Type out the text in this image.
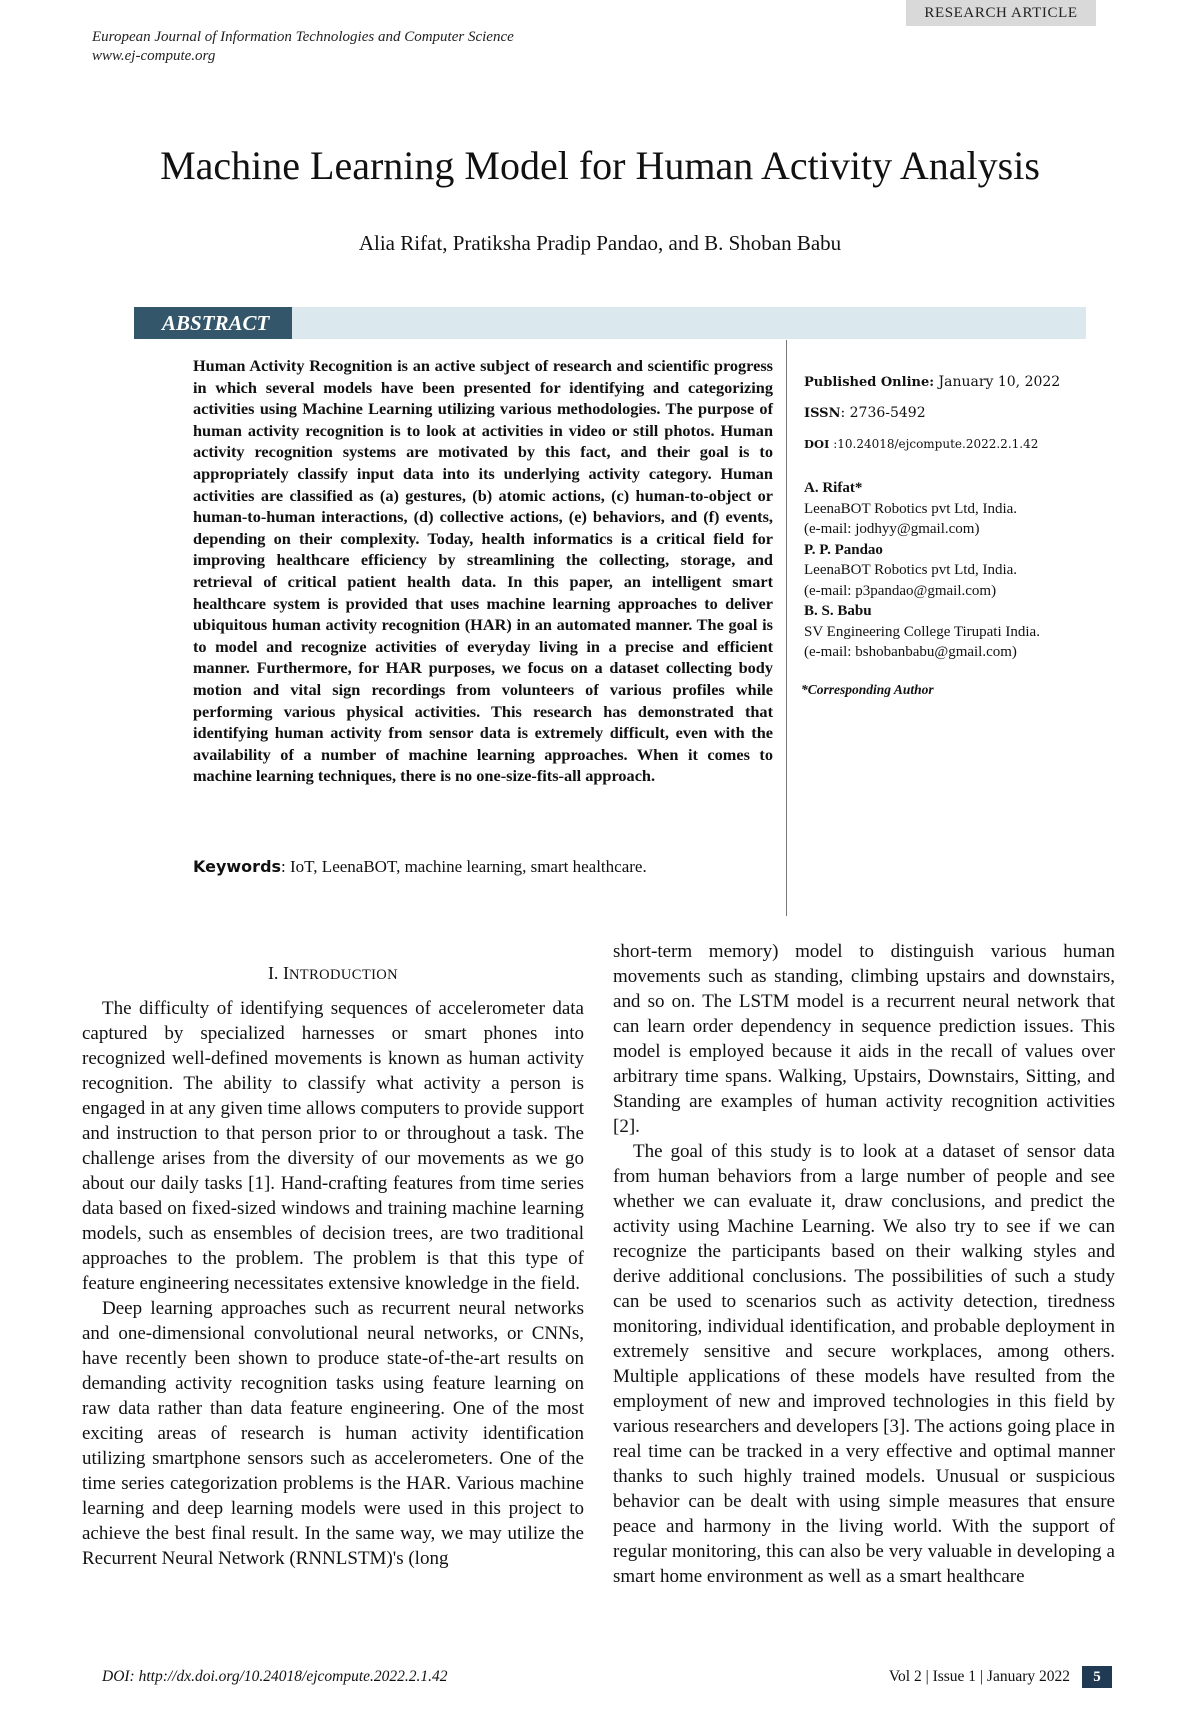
RESEARCH ARTICLE
European Journal of Information Technologies and Computer Science
www.ej-compute.org
Machine Learning Model for Human Activity Analysis
Alia Rifat, Pratiksha Pradip Pandao, and B. Shoban Babu
ABSTRACT
Human Activity Recognition is an active subject of research and scientific progress in which several models have been presented for identifying and categorizing activities using Machine Learning utilizing various methodologies. The purpose of human activity recognition is to look at activities in video or still photos. Human activity recognition systems are motivated by this fact, and their goal is to appropriately classify input data into its underlying activity category. Human activities are classified as (a) gestures, (b) atomic actions, (c) human-to-object or human-to-human interactions, (d) collective actions, (e) behaviors, and (f) events, depending on their complexity. Today, health informatics is a critical field for improving healthcare efficiency by streamlining the collecting, storage, and retrieval of critical patient health data. In this paper, an intelligent smart healthcare system is provided that uses machine learning approaches to deliver ubiquitous human activity recognition (HAR) in an automated manner. The goal is to model and recognize activities of everyday living in a precise and efficient manner. Furthermore, for HAR purposes, we focus on a dataset collecting body motion and vital sign recordings from volunteers of various profiles while performing various physical activities. This research has demonstrated that identifying human activity from sensor data is extremely difficult, even with the availability of a number of machine learning approaches. When it comes to machine learning techniques, there is no one-size-fits-all approach.
Keywords: IoT, LeenaBOT, machine learning, smart healthcare.
Published Online: January 10, 2022
ISSN: 2736-5492
DOI :10.24018/ejcompute.2022.2.1.42
A. Rifat*
LeenaBOT Robotics pvt Ltd, India.
(e-mail: jodhyy@gmail.com)
P. P. Pandao
LeenaBOT Robotics pvt Ltd, India.
(e-mail: p3pandao@gmail.com)
B. S. Babu
SV Engineering College Tirupati India.
(e-mail: bshobanbabu@gmail.com)
*Corresponding Author
I. INTRODUCTION

The difficulty of identifying sequences of accelerometer data captured by specialized harnesses or smart phones into recognized well-defined movements is known as human activity recognition. The ability to classify what activity a person is engaged in at any given time allows computers to provide support and instruction to that person prior to or throughout a task. The challenge arises from the diversity of our movements as we go about our daily tasks [1]. Hand-crafting features from time series data based on fixed-sized windows and training machine learning models, such as ensembles of decision trees, are two traditional approaches to the problem. The problem is that this type of feature engineering necessitates extensive knowledge in the field.

Deep learning approaches such as recurrent neural networks and one-dimensional convolutional neural networks, or CNNs, have recently been shown to produce state-of-the-art results on demanding activity recognition tasks using feature learning on raw data rather than data feature engineering. One of the most exciting areas of research is human activity identification utilizing smartphone sensors such as accelerometers. One of the time series categorization problems is the HAR. Various machine learning and deep learning models were used in this project to achieve the best final result. In the same way, we may utilize the Recurrent Neural Network (RNNLSTM)'s (long

short-term memory) model to distinguish various human movements such as standing, climbing upstairs and downstairs, and so on. The LSTM model is a recurrent neural network that can learn order dependency in sequence prediction issues. This model is employed because it aids in the recall of values over arbitrary time spans. Walking, Upstairs, Downstairs, Sitting, and Standing are examples of human activity recognition activities [2].

The goal of this study is to look at a dataset of sensor data from human behaviors from a large number of people and see whether we can evaluate it, draw conclusions, and predict the activity using Machine Learning. We also try to see if we can recognize the participants based on their walking styles and derive additional conclusions. The possibilities of such a study can be used to scenarios such as activity detection, tiredness monitoring, individual identification, and probable deployment in extremely sensitive and secure workplaces, among others. Multiple applications of these models have resulted from the employment of new and improved technologies in this field by various researchers and developers [3]. The actions going place in real time can be tracked in a very effective and optimal manner thanks to such highly trained models. Unusual or suspicious behavior can be dealt with using simple measures that ensure peace and harmony in the living world. With the support of regular monitoring, this can also be very valuable in developing a smart home environment as well as a smart healthcare

DOI: http://dx.doi.org/10.24018/ejcompute.2022.2.1.42	Vol 2 | Issue 1 | January 2022	5
